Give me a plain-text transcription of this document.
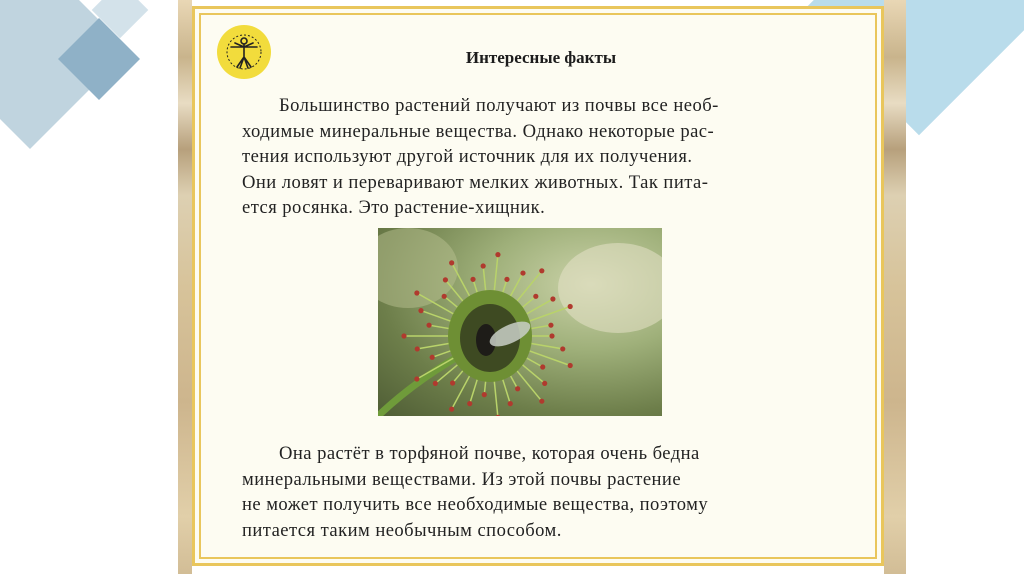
Интересные факты

Большинство растений получают из почвы все необ-
ходимые минеральные вещества. Однако некоторые рас-
тения используют другой источник для их получения.
Они ловят и переваривают мелких животных. Так пита-
ется росянка. Это растение-хищник.

Она растёт в торфяной почве, которая очень бедна
минеральными веществами. Из этой почвы растение
не может получить все необходимые вещества, поэтому
питается таким необычным способом.
